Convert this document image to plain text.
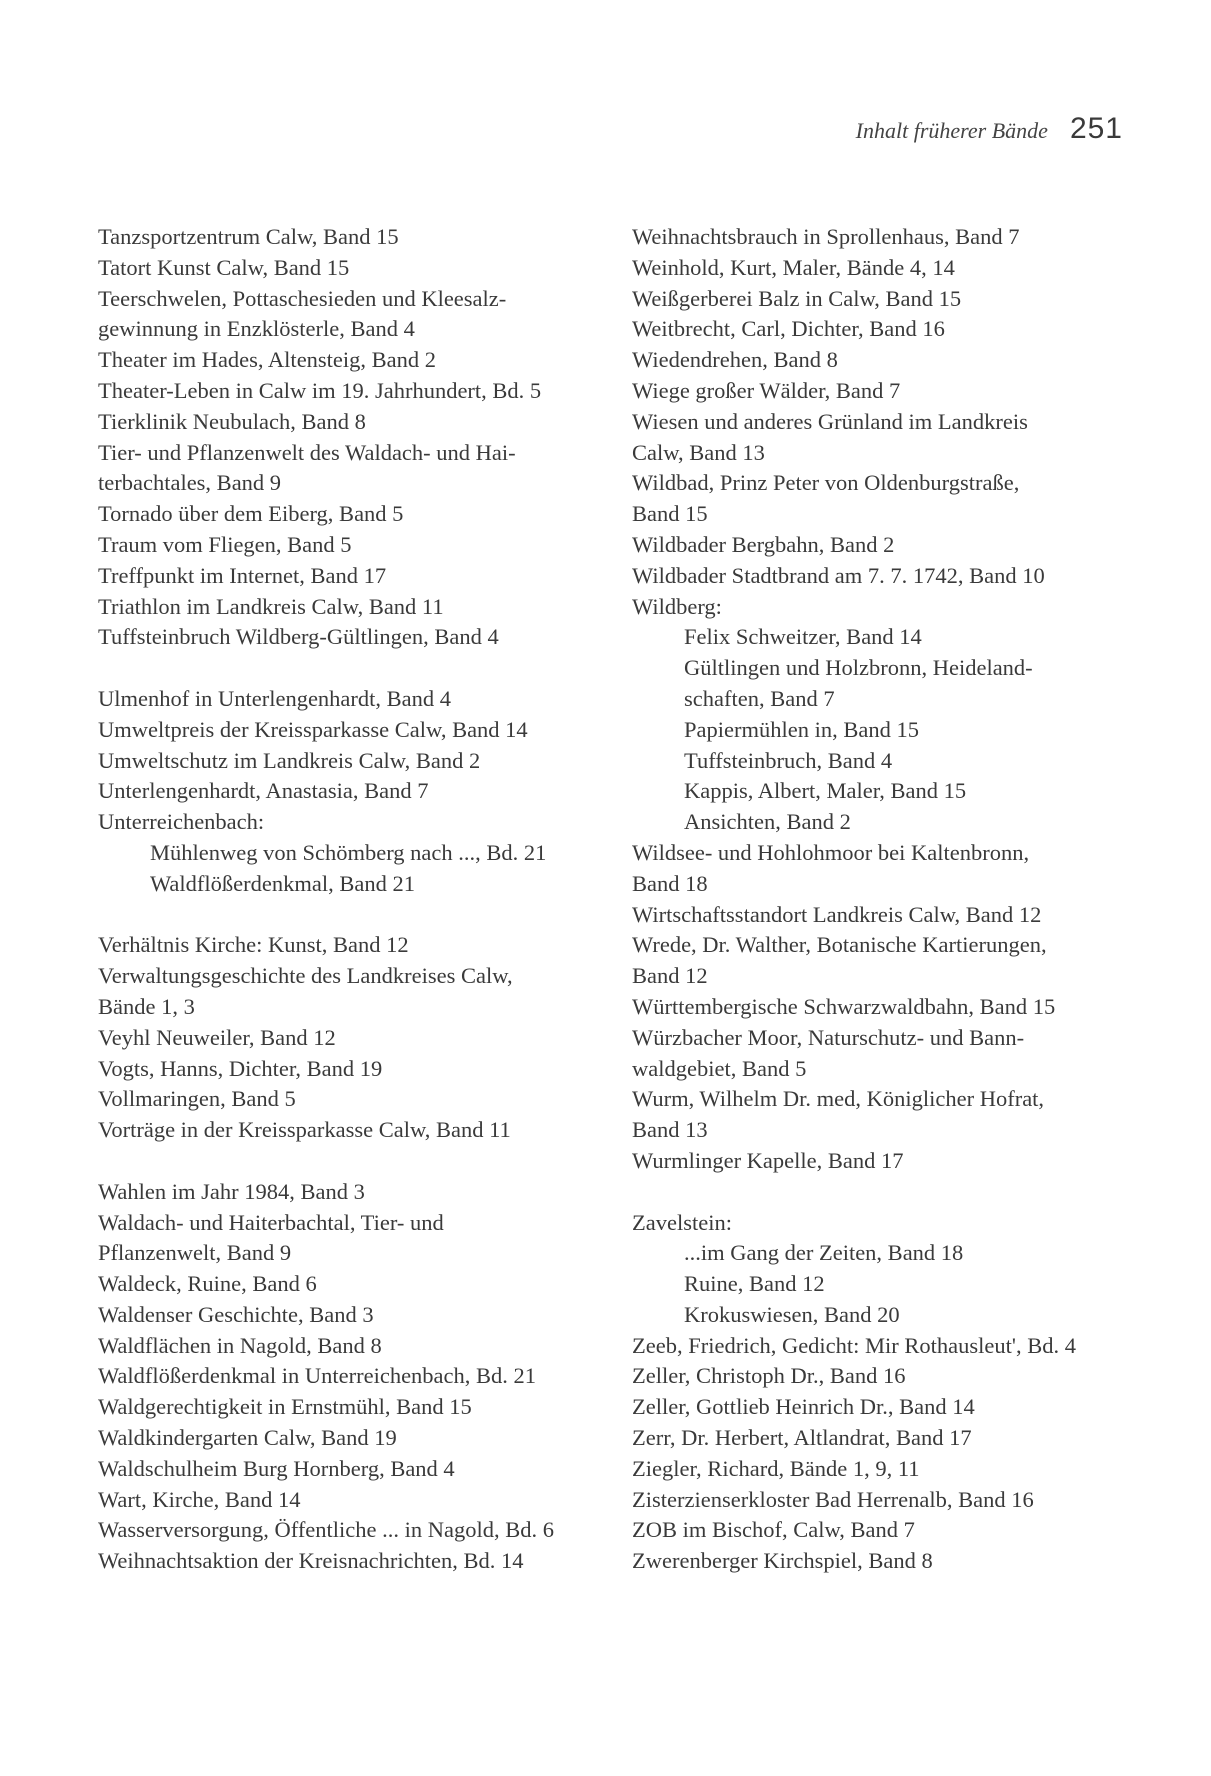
Inhalt früherer Bände 251
Tanzsportzentrum Calw, Band 15
Tatort Kunst Calw, Band 15
Teerschwelen, Pottaschesieden und Kleesalz-
gewinnung in Enzklösterle, Band 4
Theater im Hades, Altensteig, Band 2
Theater-Leben in Calw im 19. Jahrhundert, Bd. 5
Tierklinik Neubulach, Band 8
Tier- und Pflanzenwelt des Waldach- und Hai-
terbachtales, Band 9
Tornado über dem Eiberg, Band 5
Traum vom Fliegen, Band 5
Treffpunkt im Internet, Band 17
Triathlon im Landkreis Calw, Band 11
Tuffsteinbruch Wildberg-Gültlingen, Band 4
Ulmenhof in Unterlengenhardt, Band 4
Umweltpreis der Kreissparkasse Calw, Band 14
Umweltschutz im Landkreis Calw, Band 2
Unterlengenhardt, Anastasia, Band 7
Unterreichenbach:
Mühlenweg von Schömberg nach ..., Bd. 21
Waldflößerdenkmal, Band 21
Verhältnis Kirche: Kunst, Band 12
Verwaltungsgeschichte des Landkreises Calw,
Bände 1, 3
Veyhl Neuweiler, Band 12
Vogts, Hanns, Dichter, Band 19
Vollmaringen, Band 5
Vorträge in der Kreissparkasse Calw, Band 11
Wahlen im Jahr 1984, Band 3
Waldach- und Haiterbachtal, Tier- und
Pflanzenwelt, Band 9
Waldeck, Ruine, Band 6
Waldenser Geschichte, Band 3
Waldflächen in Nagold, Band 8
Waldflößerdenkmal in Unterreichenbach, Bd. 21
Waldgerechtigkeit in Ernstmühl, Band 15
Waldkindergarten Calw, Band 19
Waldschulheim Burg Hornberg, Band 4
Wart, Kirche, Band 14
Wasserversorgung, Öffentliche ... in Nagold, Bd. 6
Weihnachtsaktion der Kreisnachrichten, Bd. 14
Weihnachtsbrauch in Sprollenhaus, Band 7
Weinhold, Kurt, Maler, Bände 4, 14
Weißgerberei Balz in Calw, Band 15
Weitbrecht, Carl, Dichter, Band 16
Wiedendrehen, Band 8
Wiege großer Wälder, Band 7
Wiesen und anderes Grünland im Landkreis
Calw, Band 13
Wildbad, Prinz Peter von Oldenburgstraße,
Band 15
Wildbader Bergbahn, Band 2
Wildbader Stadtbrand am 7. 7. 1742, Band 10
Wildberg:
Felix Schweitzer, Band 14
Gültlingen und Holzbronn, Heideland-
schaften, Band 7
Papiermühlen in, Band 15
Tuffsteinbruch, Band 4
Kappis, Albert, Maler, Band 15
Ansichten, Band 2
Wildsee- und Hohlohmoor bei Kaltenbronn,
Band 18
Wirtschaftsstandort Landkreis Calw, Band 12
Wrede, Dr. Walther, Botanische Kartierungen,
Band 12
Württembergische Schwarzwaldbahn, Band 15
Würzbacher Moor, Naturschutz- und Bann-
waldgebiet, Band 5
Wurm, Wilhelm Dr. med, Königlicher Hofrat,
Band 13
Wurmlinger Kapelle, Band 17
Zavelstein:
...im Gang der Zeiten, Band 18
Ruine, Band 12
Krokuswiesen, Band 20
Zeeb, Friedrich, Gedicht: Mir Rothausleut', Bd. 4
Zeller, Christoph Dr., Band 16
Zeller, Gottlieb Heinrich Dr., Band 14
Zerr, Dr. Herbert, Altlandrat, Band 17
Ziegler, Richard, Bände 1, 9, 11
Zisterzienserkloster Bad Herrenalb, Band 16
ZOB im Bischof, Calw, Band 7
Zwerenberger Kirchspiel, Band 8
